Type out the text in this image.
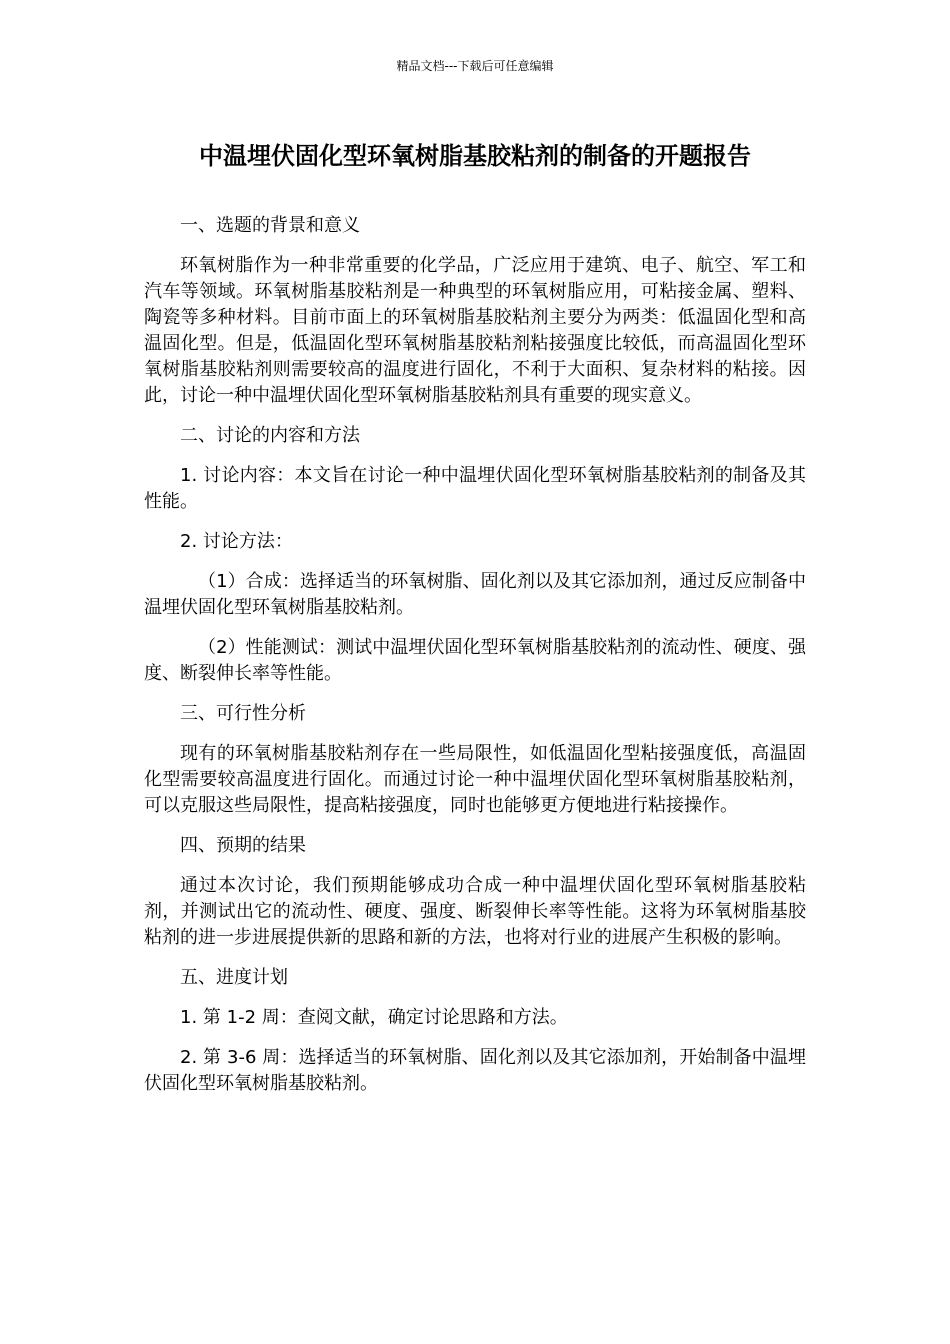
精品文档---下载后可任意编辑
中温埋伏固化型环氧树脂基胶粘剂的制备的开题报告

一、选题的背景和意义

环氧树脂作为一种非常重要的化学品，广泛应用于建筑、电子、航空、军工和汽车等领域。环氧树脂基胶粘剂是一种典型的环氧树脂应用，可粘接金属、塑料、陶瓷等多种材料。目前市面上的环氧树脂基胶粘剂主要分为两类：低温固化型和高温固化型。但是，低温固化型环氧树脂基胶粘剂粘接强度比较低，而高温固化型环氧树脂基胶粘剂则需要较高的温度进行固化，不利于大面积、复杂材料的粘接。因此，讨论一种中温埋伏固化型环氧树脂基胶粘剂具有重要的现实意义。

二、讨论的内容和方法

1. 讨论内容：本文旨在讨论一种中温埋伏固化型环氧树脂基胶粘剂的制备及其性能。

2. 讨论方法：

（1）合成：选择适当的环氧树脂、固化剂以及其它添加剂，通过反应制备中温埋伏固化型环氧树脂基胶粘剂。

（2）性能测试：测试中温埋伏固化型环氧树脂基胶粘剂的流动性、硬度、强度、断裂伸长率等性能。

三、可行性分析

现有的环氧树脂基胶粘剂存在一些局限性，如低温固化型粘接强度低，高温固化型需要较高温度进行固化。而通过讨论一种中温埋伏固化型环氧树脂基胶粘剂，可以克服这些局限性，提高粘接强度，同时也能够更方便地进行粘接操作。

四、预期的结果

通过本次讨论，我们预期能够成功合成一种中温埋伏固化型环氧树脂基胶粘剂，并测试出它的流动性、硬度、强度、断裂伸长率等性能。这将为环氧树脂基胶粘剂的进一步进展提供新的思路和新的方法，也将对行业的进展产生积极的影响。

五、进度计划

1. 第 1-2 周：查阅文献，确定讨论思路和方法。

2. 第 3-6 周：选择适当的环氧树脂、固化剂以及其它添加剂，开始制备中温埋伏固化型环氧树脂基胶粘剂。
